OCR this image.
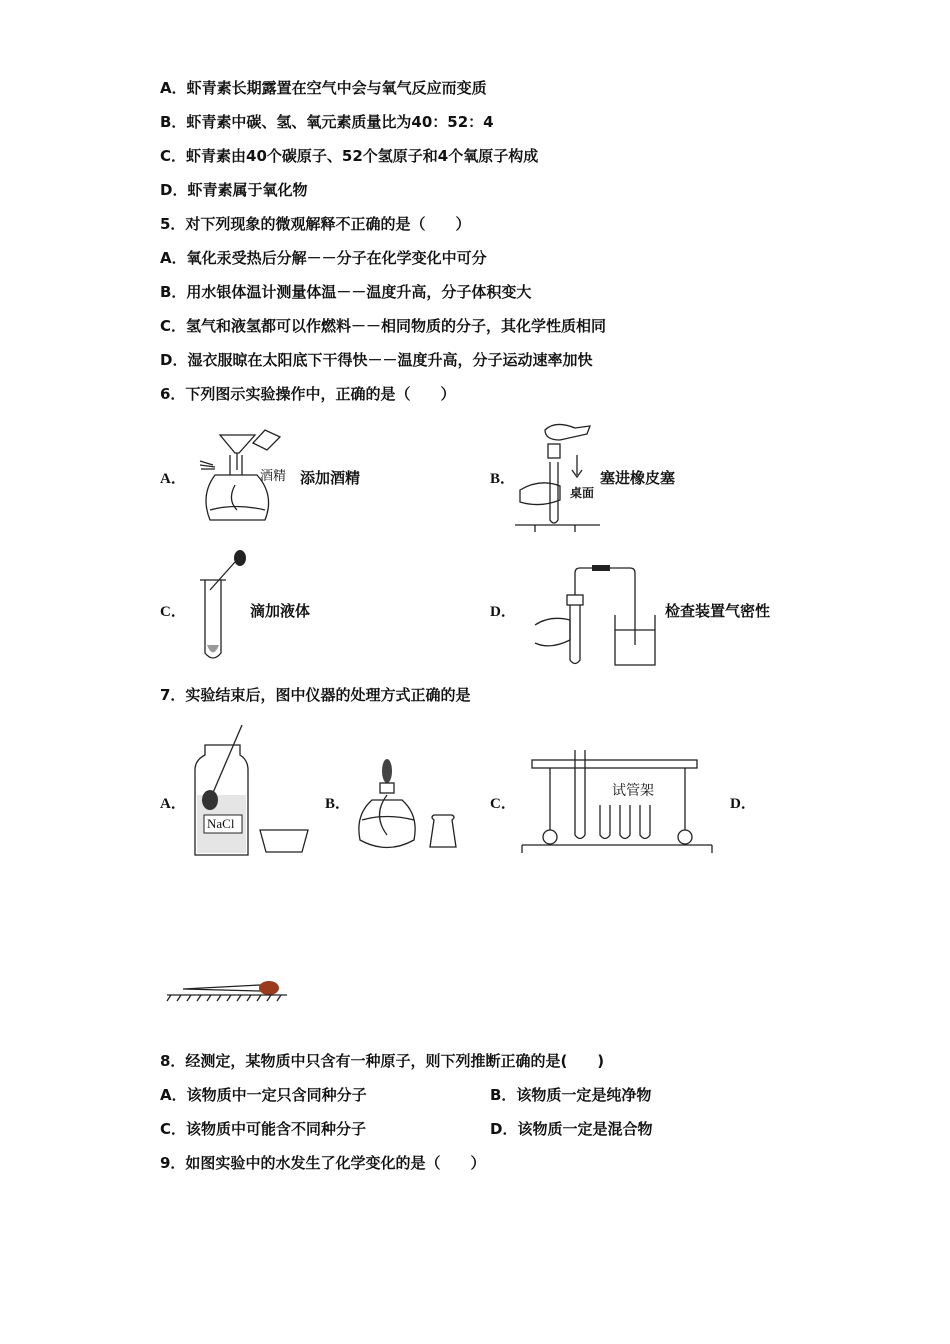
A．虾青素长期露置在空气中会与氧气反应而变质
B．虾青素中碳、氢、氧元素质量比为40：52：4
C．虾青素由40个碳原子、52个氢原子和4个氧原子构成
D．虾青素属于氧化物
5．对下列现象的微观解释不正确的是（　　）
A．氧化汞受热后分解－－分子在化学变化中可分
B．用水银体温计测量体温－－温度升高，分子体积变大
C．氢气和液氢都可以作燃料－－相同物质的分子，其化学性质相同
D．湿衣服晾在太阳底下干得快－－温度升高，分子运动速率加快
6．下列图示实验操作中，正确的是（　　）
A．	酒精 添加酒精	B．
桌面
塞进橡皮塞
C．	滴加液体	D．	检查装置气密性
7．实验结束后，图中仪器的处理方式正确的是
A．
NaCl
B．	C．
试管架
D．
8．经测定，某物质中只含有一种原子，则下列推断正确的是(　　)
A．该物质中一定只含同种分子	B．该物质一定是纯净物
C．该物质中可能含不同种分子	D．该物质一定是混合物
9．如图实验中的水发生了化学变化的是（　　）
